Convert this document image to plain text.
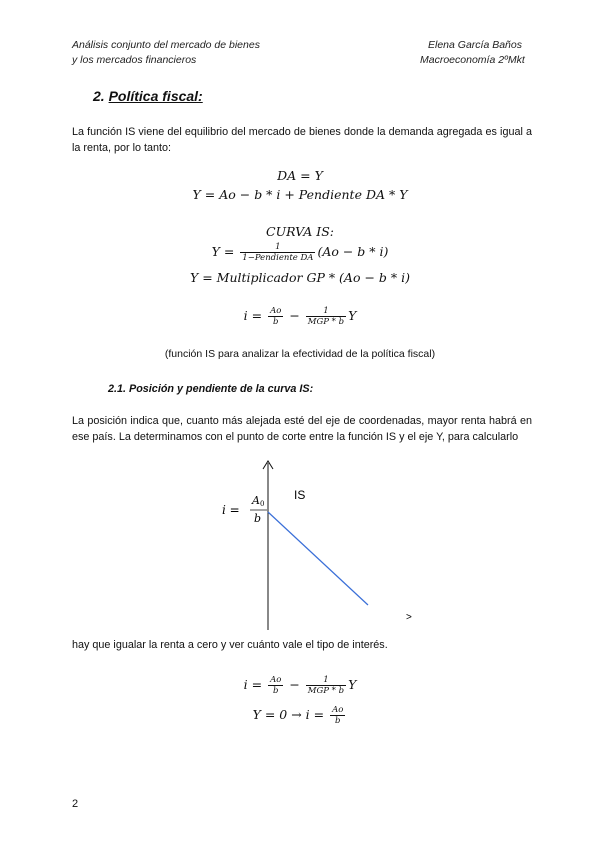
Análisis conjunto del mercado de bienes
y los mercados financieros
Elena García Baños
Macroeconomía 2ºMkt
2. Política fiscal:
La función IS viene del equilibrio del mercado de bienes donde la demanda agregada es igual a la renta, por lo tanto:
DA = Y
Y = Ao − b * i + Pendiente DA * Y
CURVA IS:
$Y = \frac{1}{\text{1−Pendiente DA}} (Ao - b * i)$
Y = Multiplicador GP * (Ao − b * i)
$i = \frac{Ao}{b} - \frac{1}{\text{MGP * b}}$ Y
(función IS para analizar la efectividad de la política fiscal)
2.1. Posición y pendiente de la curva IS:
La posición indica que, cuanto más alejada esté del eje de coordenadas, mayor renta habrá en ese país. La determinamos con el punto de corte entre la función IS y el eje Y, para calcularlo
i =
A 0
b
IS
>
hay que igualar la renta a cero y ver cuánto vale el tipo de interés.
$i = \frac{Ao}{b} - \frac{1}{\text{MGP * b}}$ Y
$Y = 0 \to i = \frac{Ao}{b}$
2
